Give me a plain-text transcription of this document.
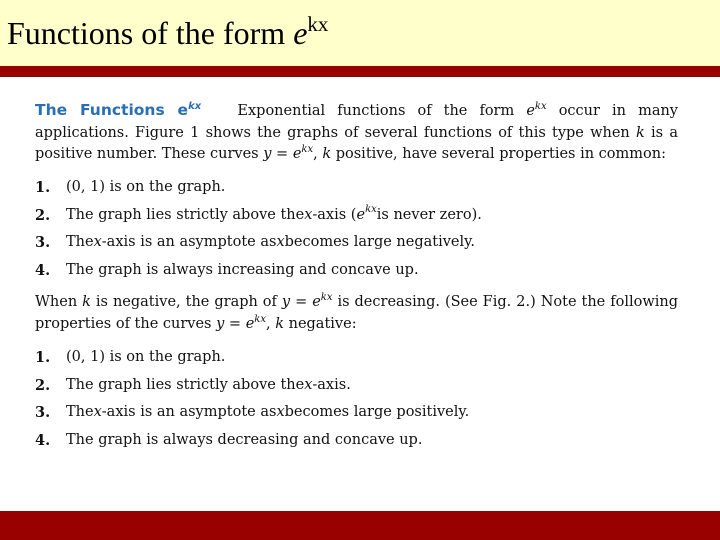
Functions of the form $e^{kx}$

The Functions $e^{kx}$ Exponential functions of the form $e^{kx}$ occur in many applications. Figure 1 shows the graphs of several functions of this type when k is a positive number. These curves $y = e^{kx}$, k positive, have several properties in common:

1.	(0, 1) is on the graph.
2.	The graph lies strictly above the x -axis ( $e^{kx}$ is never zero).
3.	The x -axis is an asymptote as x becomes large negatively.
4.	The graph is always increasing and concave up.

When k is negative, the graph of $y = e^{kx}$ is decreasing. (See Fig. 2.) Note the following properties of the curves $y = e^{kx}$, k negative:

1.	(0, 1) is on the graph.
2.	The graph lies strictly above the x -axis.
3.	The x -axis is an asymptote as x becomes large positively.
4.	The graph is always decreasing and concave up.
